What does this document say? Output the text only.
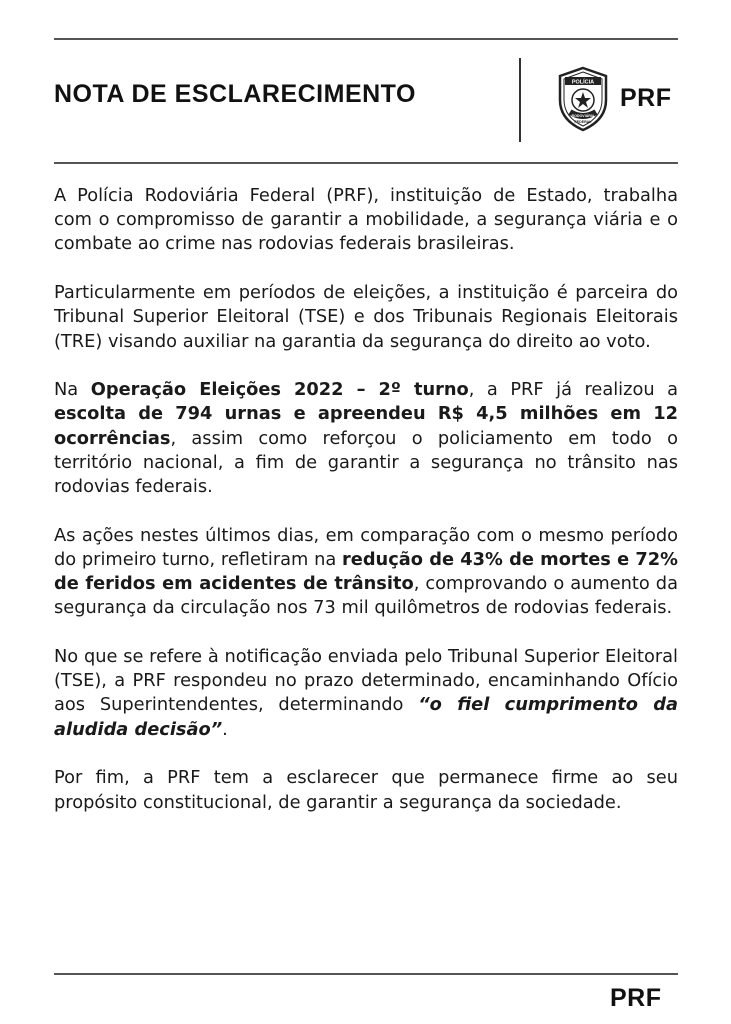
NOTA DE ESCLARECIMENTO	POLÍCIA
RODOVIÁRIA
FEDERAL
PRF

A Polícia Rodoviária Federal (PRF), instituição de Estado, trabalha com o compromisso de garantir a mobilidade, a segurança viária e o combate ao crime nas rodovias federais brasileiras.

Particularmente em períodos de eleições, a instituição é parceira do Tribunal Superior Eleitoral (TSE) e dos Tribunais Regionais Eleitorais (TRE) visando auxiliar na garantia da segurança do direito ao voto.

Na Operação Eleições 2022 – 2º turno, a PRF já realizou a escolta de 794 urnas e apreendeu R$ 4,5 milhões em 12 ocorrências, assim como reforçou o policiamento em todo o território nacional, a fim de garantir a segurança no trânsito nas rodovias federais.

As ações nestes últimos dias, em comparação com o mesmo período do primeiro turno, refletiram na redução de 43% de mortes e 72% de feridos em acidentes de trânsito, comprovando o aumento da segurança da circulação nos 73 mil quilômetros de rodovias federais.

No que se refere à notificação enviada pelo Tribunal Superior Eleitoral (TSE), a PRF respondeu no prazo determinado, encaminhando Ofício aos Superintendentes, determinando “o fiel cumprimento da aludida decisão”.

Por fim, a PRF tem a esclarecer que permanece firme ao seu propósito constitucional, de garantir a segurança da sociedade.

PRF
